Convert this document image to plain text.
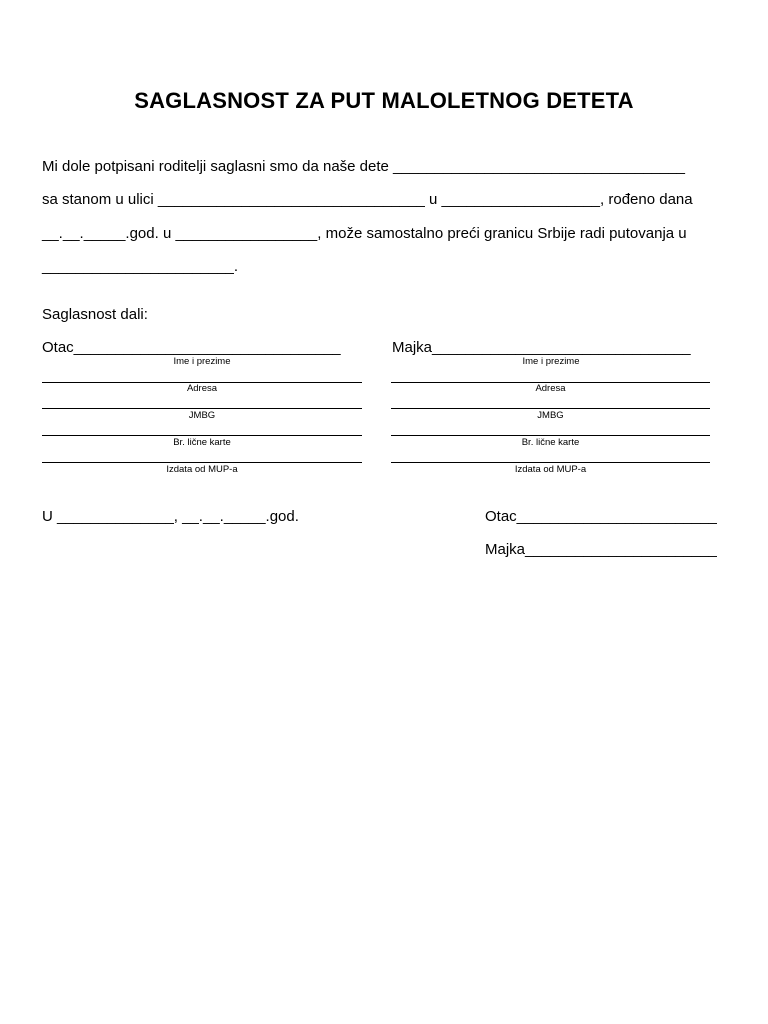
SAGLASNOST ZA PUT MALOLETNOG DETETA
Mi dole potpisani roditelji saglasni smo da naše dete ___________________________________
sa stanom u ulici ________________________________ u ___________________, rođeno dana
__.__._____.god. u _________________, može samostalno preći granicu Srbije radi putovanja u
_______________________.
Saglasnost dali:
Otac________________________________
Ime i prezime
Adresa
JMBG
Br. lične karte
Izdata od MUP-a
Majka_______________________________
Ime i prezime
Adresa
JMBG
Br. lične karte
Izdata od MUP-a
U ______________, __.__._____.god.	Otac________________________
Majka_______________________
